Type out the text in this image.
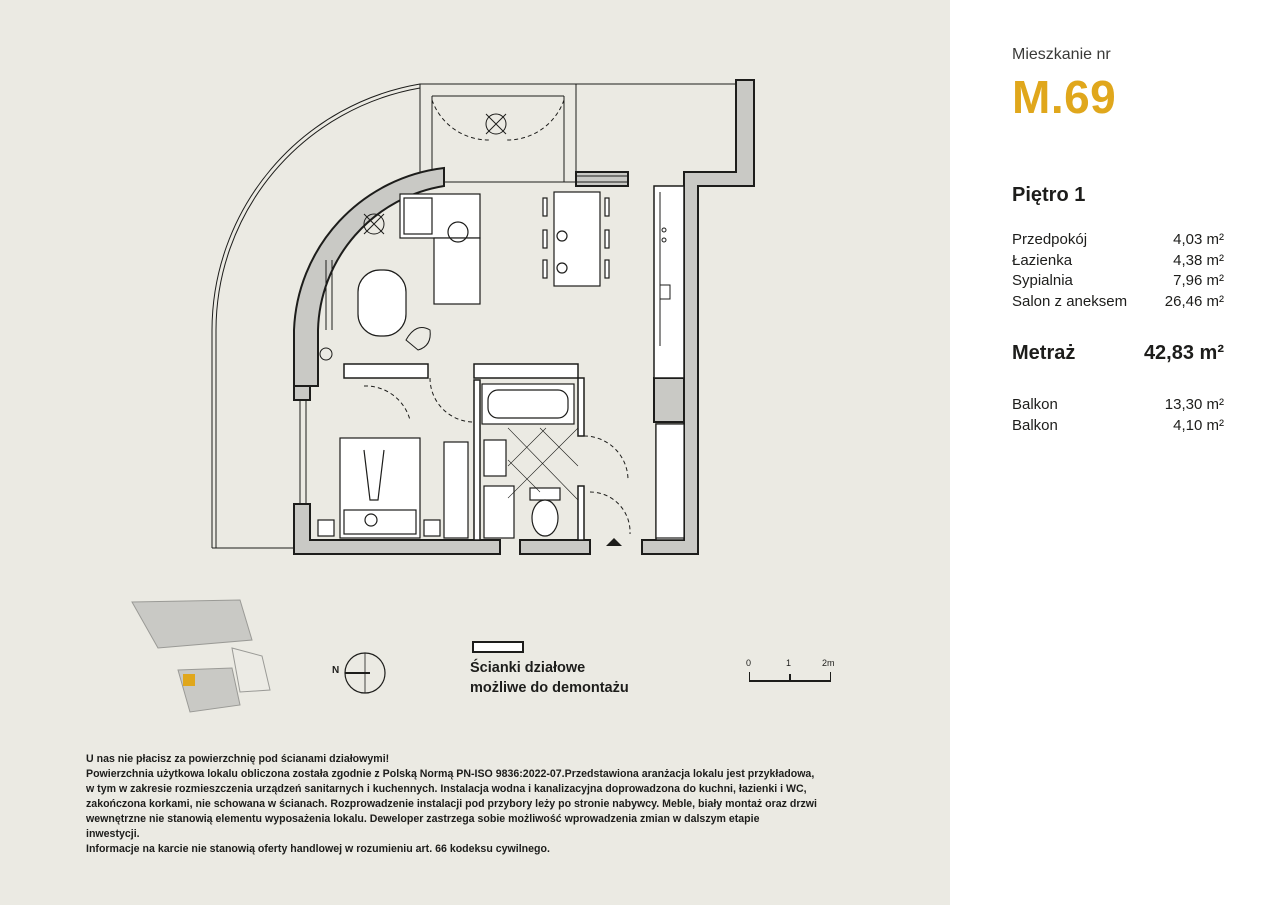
N	Ścianki działowe
możliwe do demontażu
0	1	2m
U nas nie płacisz za powierzchnię pod ścianami działowymi!
Powierzchnia użytkowa lokalu obliczona została zgodnie z Polską Normą PN-ISO 9836:2022-07.Przedstawiona aranżacja lokalu jest przykładowa,
w tym w zakresie rozmieszczenia urządzeń sanitarnych i kuchennych. Instalacja wodna i kanalizacyjna doprowadzona do kuchni, łazienki i WC,
zakończona korkami, nie schowana w ścianach. Rozprowadzenie instalacji pod przybory leży po stronie nabywcy. Meble, biały montaż oraz drzwi
wewnętrzne nie stanowią elementu wyposażenia lokalu. Deweloper zastrzega sobie możliwość wprowadzenia zmian w dalszym etapie
inwestycji.
Informacje na karcie nie stanowią oferty handlowej w rozumieniu art. 66 kodeksu cywilnego.
Mieszkanie nr
M.69
Piętro 1
Przedpokój	4,03 m²
Łazienka	4,38 m²
Sypialnia	7,96 m²
Salon z aneksem	26,46 m²
Metraż	42,83 m²
Balkon	13,30 m²
Balkon	4,10 m²
